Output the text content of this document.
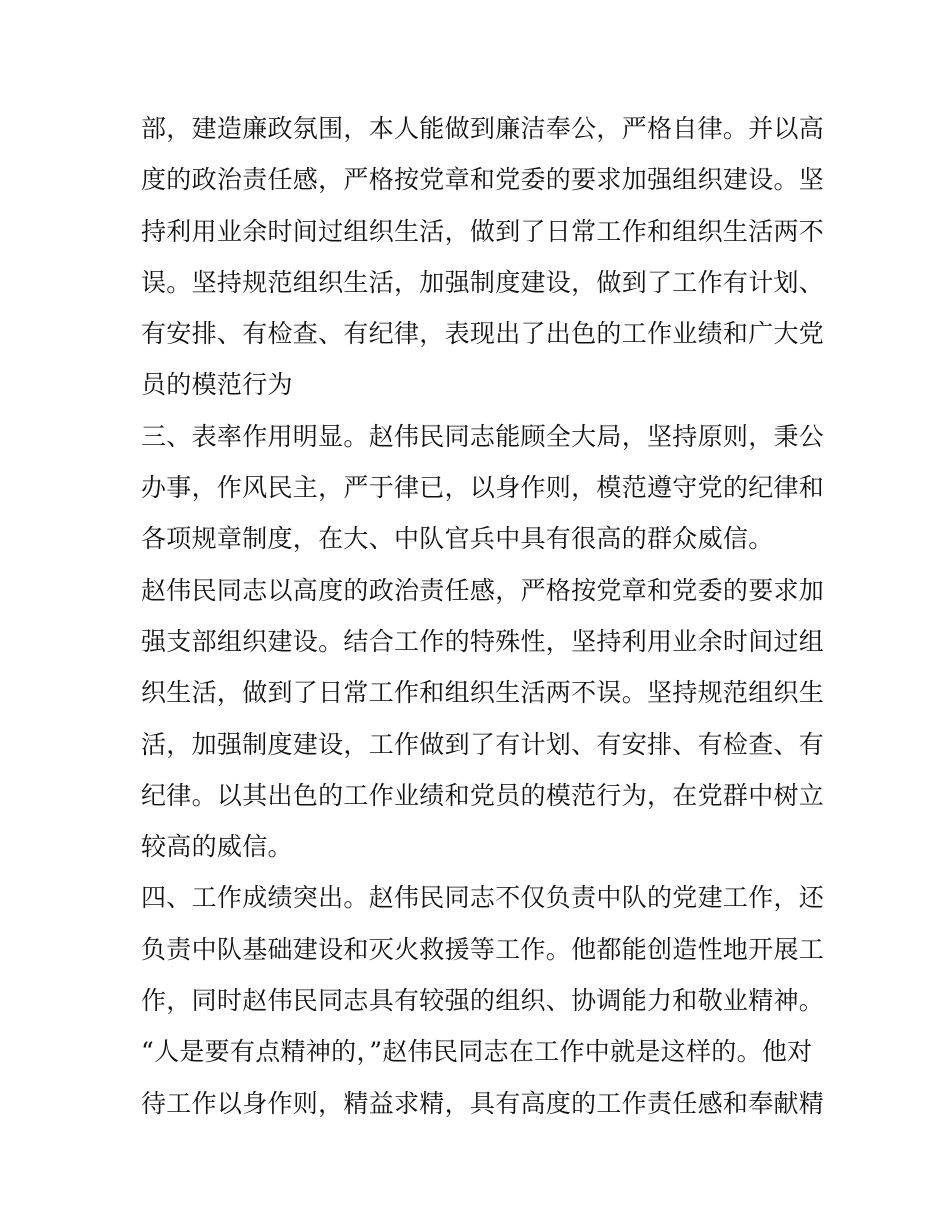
部，建造廉政氛围，本人能做到廉洁奉公，严格自律。并以高
度的政治责任感，严格按党章和党委的要求加强组织建设。坚
持利用业余时间过组织生活，做到了日常工作和组织生活两不
误。坚持规范组织生活，加强制度建设，做到了工作有计划、
有安排、有检查、有纪律，表现出了出色的工作业绩和广大党
员的模范行为
三、表率作用明显。赵伟民同志能顾全大局，坚持原则，秉公
办事，作风民主，严于律已，以身作则，模范遵守党的纪律和
各项规章制度，在大、中队官兵中具有很高的群众威信。
赵伟民同志以高度的政治责任感，严格按党章和党委的要求加
强支部组织建设。结合工作的特殊性，坚持利用业余时间过组
织生活，做到了日常工作和组织生活两不误。坚持规范组织生
活，加强制度建设，工作做到了有计划、有安排、有检查、有
纪律。以其出色的工作业绩和党员的模范行为，在党群中树立
较高的威信。
四、工作成绩突出。赵伟民同志不仅负责中队的党建工作，还
负责中队基础建设和灭火救援等工作。他都能创造性地开展工
作，同时赵伟民同志具有较强的组织、协调能力和敬业精神。
“人是要有点精神的，”赵伟民同志在工作中就是这样的。他对
待工作以身作则，精益求精，具有高度的工作责任感和奉献精
